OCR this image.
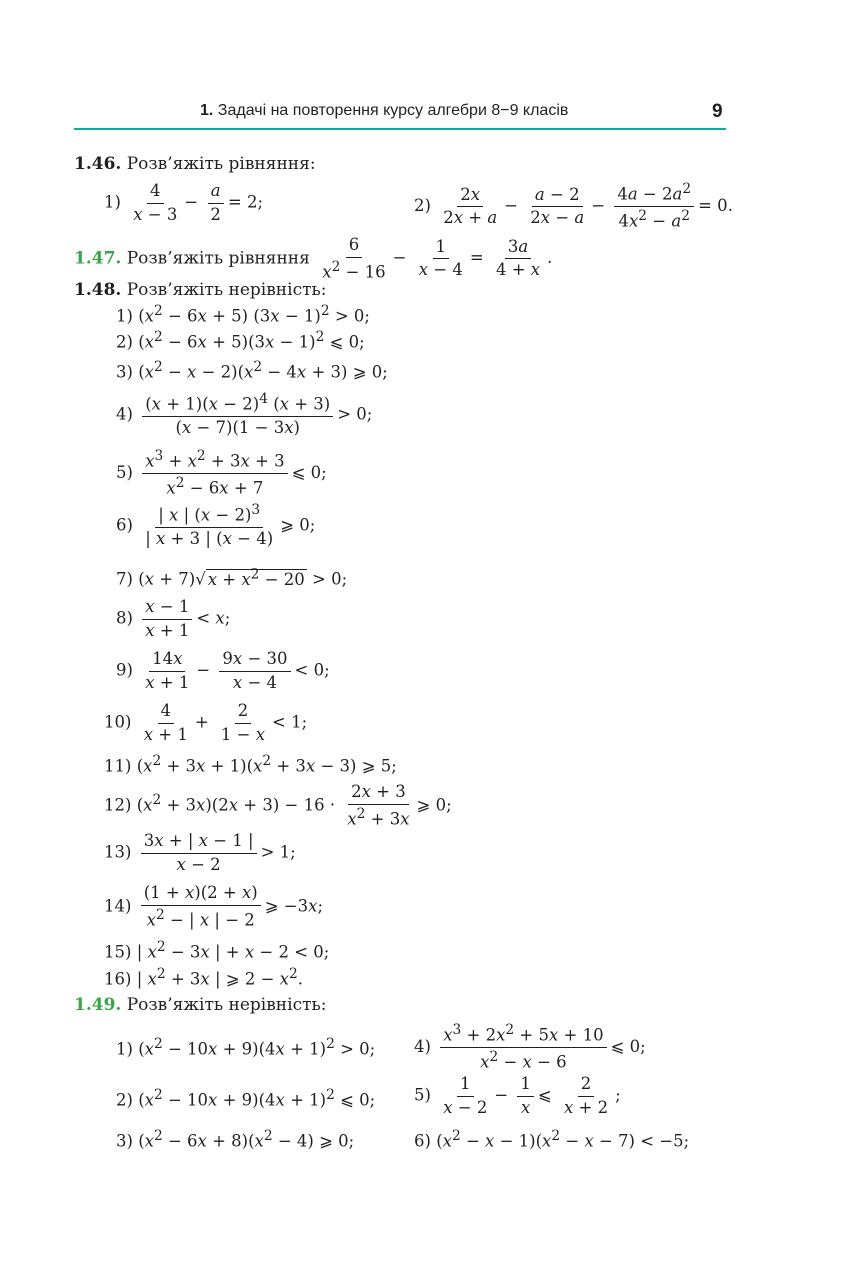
1. Задачі на повторення курсу алгебри 8−9 класів	9
1.46. Розв’яжіть рівняння:
$1) \frac{4}{x - 3} - \frac{a}{2} = 2$;	$2) \frac{2x}{2x + a} - \frac{a - 2}{2x - a} - \frac{4a - 2a^2}{4x^2 - a^2} = 0$.
1.47. Розв’яжіть рівняння $\frac{6}{x^2 - 16} - \frac{1}{x - 4} = \frac{3a}{4 + x}$ .
1.48. Розв’яжіть нерівність:
1) $(x^2 - 6x + 5) (3x - 1)^2 > 0$;
2) $(x^2 - 6x + 5)(3x - 1)^2$ ⩽ 0;
3) $(x^2 - x - 2)(x^2 - 4x + 3)$ ⩾ 0;
$4) \frac{(x + 1)(x - 2)^4 (x + 3)}{(x - 7)(1 - 3x)} > 0$;
$5) \frac{x^3 + x^2 + 3x + 3}{x^2 - 6x + 7}$ ⩽ 0;
$6) \frac{| x | (x - 2)^3}{| x + 3 | (x - 4)}$ ⩾ 0;
7) (x + 7)√ $x + x^2 - 20 > 0$;
$8) \frac{x - 1}{x + 1} < x$;
$9) \frac{14x}{x + 1} - \frac{9x - 30}{x - 4} < 0$;
$10) \frac{4}{x + 1} + \frac{2}{1 - x} < 1$;
11) $(x^2 + 3x + 1)(x^2 + 3x - 3)$ ⩾ 5;
12) $(x^2 + 3x)(2x + 3) - 16 \cdot \frac{2x + 3}{x^2 + 3x}$ ⩾ 0;
$13) \frac{3x + | x - 1 |}{x - 2} > 1$;
$14) \frac{(1 + x)(2 + x)}{x^2 - | x | - 2}$ ⩾ −3x;
15) | $x^2 - 3x$ | + x − 2 < 0;
16) | $x^2 + 3x$ | ⩾ $2 - x^2$.
1.49. Розв’яжіть нерівність:
1) $(x^2 - 10x + 9)(4x + 1)^2 > 0$; $4) \frac{x^3 + 2x^2 + 5x + 10}{x^2 - x - 6}$ ⩽ 0;
2) $(x^2 - 10x + 9)(4x + 1)^2$ ⩽ 0; $5) \frac{1}{x - 2} - \frac{1}{x}$ ⩽ $\frac{2}{x + 2}$ ;
3) $(x^2 - 6x + 8)(x^2 - 4)$ ⩾ 0;	6) $(x^2 - x - 1)(x^2 - x - 7) < -5$;
